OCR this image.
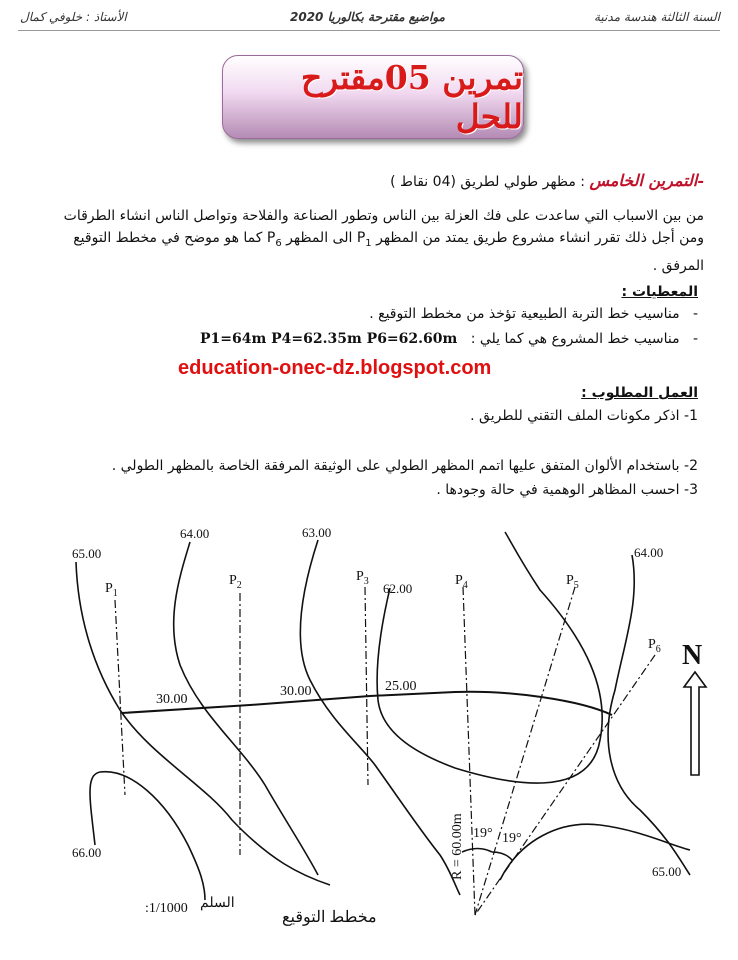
السنة الثالثة هندسة مدنية
2020 مواضيع مقترحة بكالوريا
الأستاذ : خلوفي كمال
تمرين 05مقترح للحل
-التمرين الخامس : مظهر طولي لطريق (04 نقاط )
من بين الاسباب التي ساعدت على فك العزلة بين الناس وتطور الصناعة والفلاحة وتواصل الناس انشاء الطرقات
ومن أجل ذلك تقرر انشاء مشروع طريق يمتد من المظهر $P_1$ الى المظهر $P_6$ كما هو موضح في مخطط التوقيع
المرفق .
المعطيات :
-   مناسيب خط التربة الطبيعية تؤخذ من مخطط التوقيع .
-   مناسيب خط المشروع هي كما يلي :   P1=64m P4=62.35m P6=62.60m
education-onec-dz.blogspot.com
العمل المطلوب :
1- اذكر مكونات الملف التقني للطريق .
2- باستخدام الألوان المتفق عليها اتمم المظهر الطولي على الوثيقة المرفقة الخاصة بالمظهر الطولي .
3- احسب المظاهر الوهمية في حالة وجودها .
65.00
64.00	63.00
62.00
64.00
66.00
65.00
$P_1$
$P_2$
$P_3$	$P_4$	$P_5$
$P_6$
30.00
30.00	25.00
R = 60.00m 19° 19°
N
السلم
:1/1000
مخطط التوقيع
